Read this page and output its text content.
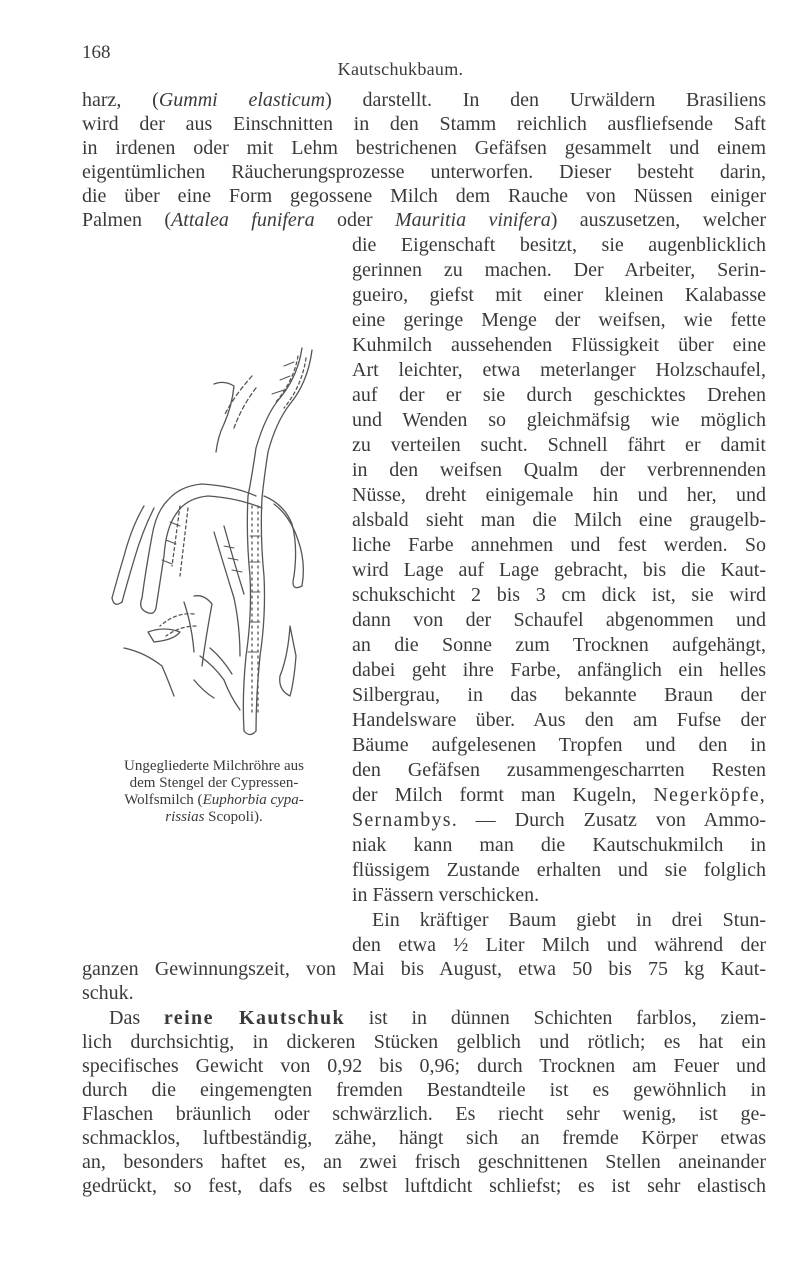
168
Kautschukbaum.
harz, (Gummi elasticum) darstellt. In den Urwäldern Brasiliens
wird der aus Einschnitten in den Stamm reichlich ausfliefsende Saft
in irdenen oder mit Lehm bestrichenen Gefäfsen gesammelt und einem
eigentümlichen Räucherungsprozesse unterworfen. Dieser besteht darin,
die über eine Form gegossene Milch dem Rauche von Nüssen einiger
Palmen (Attalea funifera oder Mauritia vinifera) auszusetzen, welcher
die Eigenschaft besitzt, sie augenblicklich
gerinnen zu machen. Der Arbeiter, Serin-
gueiro, giefst mit einer kleinen Kalabasse
eine geringe Menge der weifsen, wie fette
Kuhmilch aussehenden Flüssigkeit über eine
Art leichter, etwa meterlanger Holzschaufel,
auf der er sie durch geschicktes Drehen
und Wenden so gleichmäfsig wie möglich
zu verteilen sucht. Schnell fährt er damit
in den weifsen Qualm der verbrennenden
Nüsse, dreht einigemale hin und her, und
alsbald sieht man die Milch eine graugelb-
liche Farbe annehmen und fest werden. So
wird Lage auf Lage gebracht, bis die Kaut-
schukschicht 2 bis 3 cm dick ist, sie wird
dann von der Schaufel abgenommen und
an die Sonne zum Trocknen aufgehängt,
dabei geht ihre Farbe, anfänglich ein helles
Silbergrau, in das bekannte Braun der
Handelsware über. Aus den am Fufse der
Bäume aufgelesenen Tropfen und den in
den Gefäfsen zusammengescharrten Resten
der Milch formt man Kugeln, Negerköpfe,
Sernambys. — Durch Zusatz von Ammo-
niak kann man die Kautschukmilch in
flüssigem Zustande erhalten und sie folglich
in Fässern verschicken.
Ein kräftiger Baum giebt in drei Stun-
den etwa ½ Liter Milch und während der
ganzen Gewinnungszeit, von Mai bis August, etwa 50 bis 75 kg Kaut-
schuk.
Das reine Kautschuk ist in dünnen Schichten farblos, ziem-
lich durchsichtig, in dickeren Stücken gelblich und rötlich; es hat ein
specifisches Gewicht von 0,92 bis 0,96; durch Trocknen am Feuer und
durch die eingemengten fremden Bestandteile ist es gewöhnlich in
Flaschen bräunlich oder schwärzlich. Es riecht sehr wenig, ist ge-
schmacklos, luftbeständig, zähe, hängt sich an fremde Körper etwas
an, besonders haftet es, an zwei frisch geschnittenen Stellen aneinander
gedrückt, so fest, dafs es selbst luftdicht schliefst; es ist sehr elastisch
Ungegliederte Milchröhre aus
dem Stengel der Cypressen-
Wolfsmilch (Euphorbia cypa-
rissias Scopoli).
